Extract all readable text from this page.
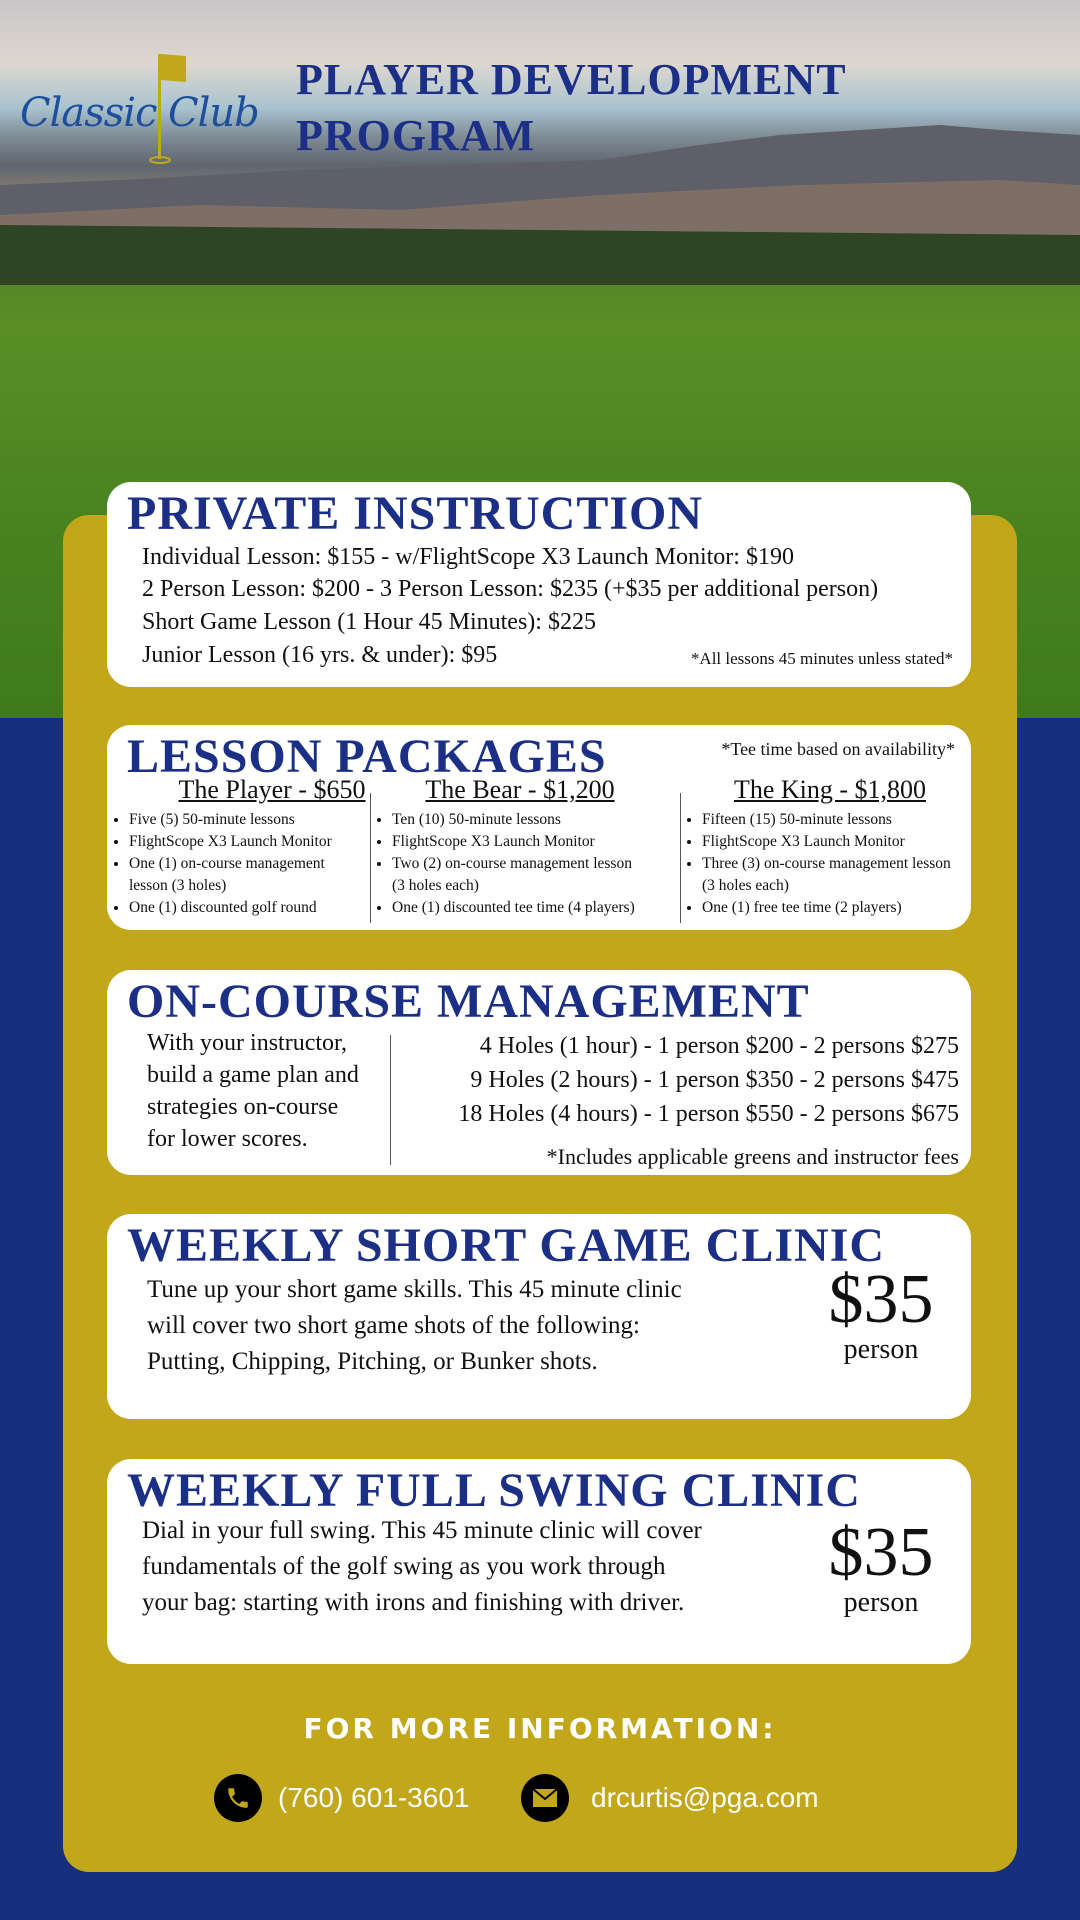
Classic Club
PLAYER DEVELOPMENT
PROGRAM
PRIVATE INSTRUCTION
Individual Lesson: $155 - w/FlightScope X3 Launch Monitor: $190
2 Person Lesson: $200 - 3 Person Lesson: $235 (+$35 per additional person)
Short Game Lesson (1 Hour 45 Minutes): $225
Junior Lesson (16 yrs. & under): $95	*All lessons 45 minutes unless stated*
LESSON PACKAGES	*Tee time based on availability*
The Player - $650
• Five (5) 50-minute lessons
• FlightScope X3 Launch Monitor
• One (1) on-course management lesson (3 holes)
• One (1) discounted golf round
The Bear - $1,200
• Ten (10) 50-minute lessons
• FlightScope X3 Launch Monitor
• Two (2) on-course management lesson (3 holes each)
• One (1) discounted tee time (4 players)
The King - $1,800
• Fifteen (15) 50-minute lessons
• FlightScope X3 Launch Monitor
• Three (3) on-course management lesson (3 holes each)
• One (1) free tee time (2 players)
ON-COURSE MANAGEMENT
With your instructor,
build a game plan and
strategies on-course
for lower scores.
4 Holes (1 hour) - 1 person $200 - 2 persons $275
9 Holes (2 hours) - 1 person $350 - 2 persons $475
18 Holes (4 hours) - 1 person $550 - 2 persons $675
*Includes applicable greens and instructor fees
WEEKLY SHORT GAME CLINIC
Tune up your short game skills. This 45 minute clinic
will cover two short game shots of the following:
Putting, Chipping, Pitching, or Bunker shots.
$35
person
WEEKLY FULL SWING CLINIC
Dial in your full swing. This 45 minute clinic will cover
fundamentals of the golf swing as you work through
your bag: starting with irons and finishing with driver.
$35
person
FOR MORE INFORMATION:
(760) 601-3601	drcurtis@pga.com
